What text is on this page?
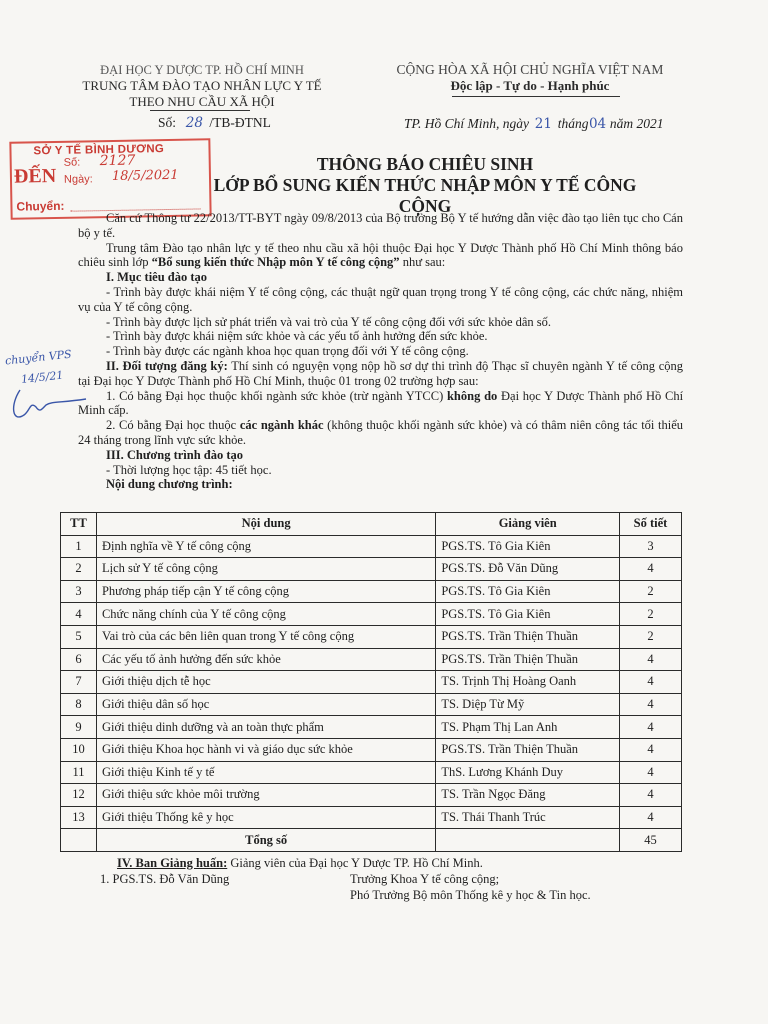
ĐẠI HỌC Y DƯỢC TP. HỒ CHÍ MINH
TRUNG TÂM ĐÀO TẠO NHÂN LỰC Y TẾ
THEO NHU CẦU XÃ HỘI
CỘNG HÒA XÃ HỘI CHỦ NGHĨA VIỆT NAM
Độc lập - Tự do - Hạnh phúc
Số: 28 /TB-ĐTNL	TP. Hồ Chí Minh, ngày 21 tháng04 năm 2021
SỞ Y TẾ BÌNH DƯƠNG
ĐẾN
Số: 2127
Ngày: 18/5/2021
Chuyển:
THÔNG BÁO CHIÊU SINH
LỚP BỔ SUNG KIẾN THỨC NHẬP MÔN Y TẾ CÔNG CỘNG
chuyển VPS
14/5/21
Căn cứ Thông tư 22/2013/TT-BYT ngày 09/8/2013 của Bộ trưởng Bộ Y tế hướng dẫn việc đào tạo liên tục cho Cán bộ y tế.
Trung tâm Đào tạo nhân lực y tế theo nhu cầu xã hội thuộc Đại học Y Dược Thành phố Hồ Chí Minh thông báo chiêu sinh lớp “Bổ sung kiến thức Nhập môn Y tế công cộng” như sau:
I. Mục tiêu đào tạo
- Trình bày được khái niệm Y tế công cộng, các thuật ngữ quan trọng trong Y tế công cộng, các chức năng, nhiệm vụ của Y tế công cộng.
- Trình bày được lịch sử phát triển và vai trò của Y tế công cộng đối với sức khỏe dân số.
- Trình bày được khái niệm sức khỏe và các yếu tố ảnh hưởng đến sức khỏe.
- Trình bày được các ngành khoa học quan trọng đối với Y tế công cộng.
II. Đối tượng đăng ký: Thí sinh có nguyện vọng nộp hồ sơ dự thi trình độ Thạc sĩ chuyên ngành Y tế công cộng tại Đại học Y Dược Thành phố Hồ Chí Minh, thuộc 01 trong 02 trường hợp sau:
1. Có bằng Đại học thuộc khối ngành sức khỏe (trừ ngành YTCC) không do Đại học Y Dược Thành phố Hồ Chí Minh cấp.
2. Có bằng Đại học thuộc các ngành khác (không thuộc khối ngành sức khỏe) và có thâm niên công tác tối thiểu 24 tháng trong lĩnh vực sức khỏe.
III. Chương trình đào tạo
- Thời lượng học tập: 45 tiết học.
Nội dung chương trình:
TT	Nội dung	Giảng viên	Số tiết
1	Định nghĩa về Y tế công cộng	PGS.TS. Tô Gia Kiên	3
2	Lịch sử Y tế công cộng	PGS.TS. Đỗ Văn Dũng	4
3	Phương pháp tiếp cận Y tế công cộng	PGS.TS. Tô Gia Kiên	2
4	Chức năng chính của Y tế công cộng	PGS.TS. Tô Gia Kiên	2
5	Vai trò của các bên liên quan trong Y tế công cộng	PGS.TS. Trần Thiện Thuần	2
6	Các yếu tố ảnh hưởng đến sức khỏe	PGS.TS. Trần Thiện Thuần	4
7	Giới thiệu dịch tễ học	TS. Trịnh Thị Hoàng Oanh	4
8	Giới thiệu dân số học	TS. Diệp Từ Mỹ	4
9	Giới thiệu dinh dưỡng và an toàn thực phẩm	TS. Phạm Thị Lan Anh	4
10	Giới thiệu Khoa học hành vi và giáo dục sức khỏe	PGS.TS. Trần Thiện Thuần	4
11	Giới thiệu Kinh tế y tế	ThS. Lương Khánh Duy	4
12	Giới thiệu sức khỏe môi trường	TS. Trần Ngọc Đăng	4
13	Giới thiệu Thống kê y học	TS. Thái Thanh Trúc	4
	Tổng số		45
IV. Ban Giảng huấn: Giảng viên của Đại học Y Dược TP. Hồ Chí Minh.
1. PGS.TS. Đỗ Văn Dũng	Trưởng Khoa Y tế công cộng;
Phó Trưởng Bộ môn Thống kê y học & Tin học.
